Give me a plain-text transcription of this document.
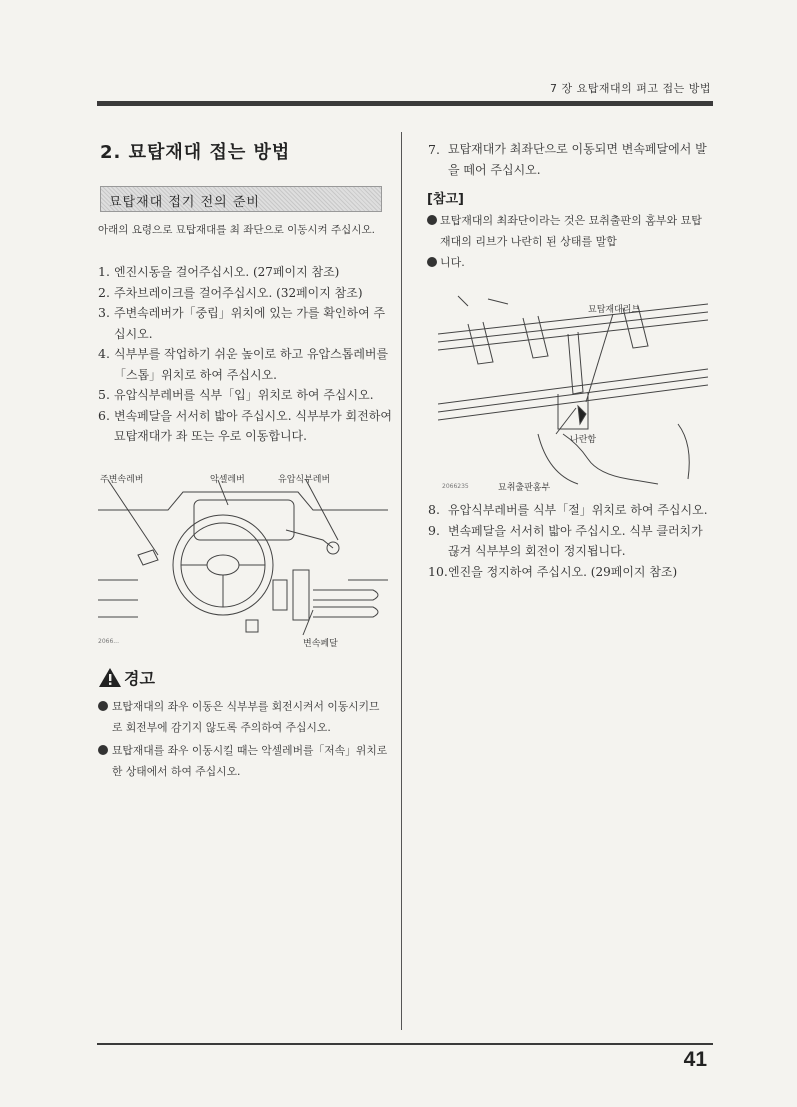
7 장 요탑재대의 펴고 접는 방법
41
2. 묘탑재대 접는 방법
묘탑재대 접기 전의 준비
아래의 요령으로 묘탑재대를 최 좌단으로 이동시켜 주십시오.
1. 엔진시동을 걸어주십시오. (27페이지 참조)
2. 주차브레이크를 걸어주십시오. (32페이지 참조)
3. 주변속레버가「중립」위치에 있는 가를 확인하여 주십시오.
4. 식부부를 작업하기 쉬운 높이로 하고 유압스톱레버를「스톱」위치로 하여 주십시오.
5. 유압식부레버를 식부「입」위치로 하여 주십시오.
6. 변속페달을 서서히 밟아 주십시오. 식부부가 회전하여 묘탑재대가 좌 또는 우로 이동합니다.
주변속레버	악셀레버	유압식부레버
변속페달
2066...
경고
묘탑재대의 좌우 이동은 식부부를 회전시켜서 이동시키므로 회전부에 감기지 않도록 주의하여 주십시오.
묘탑재대를 좌우 이동시킬 때는 악셀레버를「저속」위치로 한 상태에서 하여 주십시오.
7. 묘탑재대가 최좌단으로 이동되면 변속페달에서 발을 떼어 주십시오.
[참고]
묘탑재대의 최좌단이라는 것은 묘취출판의 홈부와 묘탑재대의 리브가 나란히 된 상태를 말합
니다.
묘탑재대리브
나란함
묘취출판홈부
2066235
8. 유압식부레버를 식부「절」위치로 하여 주십시오.
9. 변속페달을 서서히 밟아 주십시오. 식부 클러치가 끊겨 식부부의 회전이 정지됩니다.
10. 엔진을 정지하여 주십시오. (29페이지 참조)
